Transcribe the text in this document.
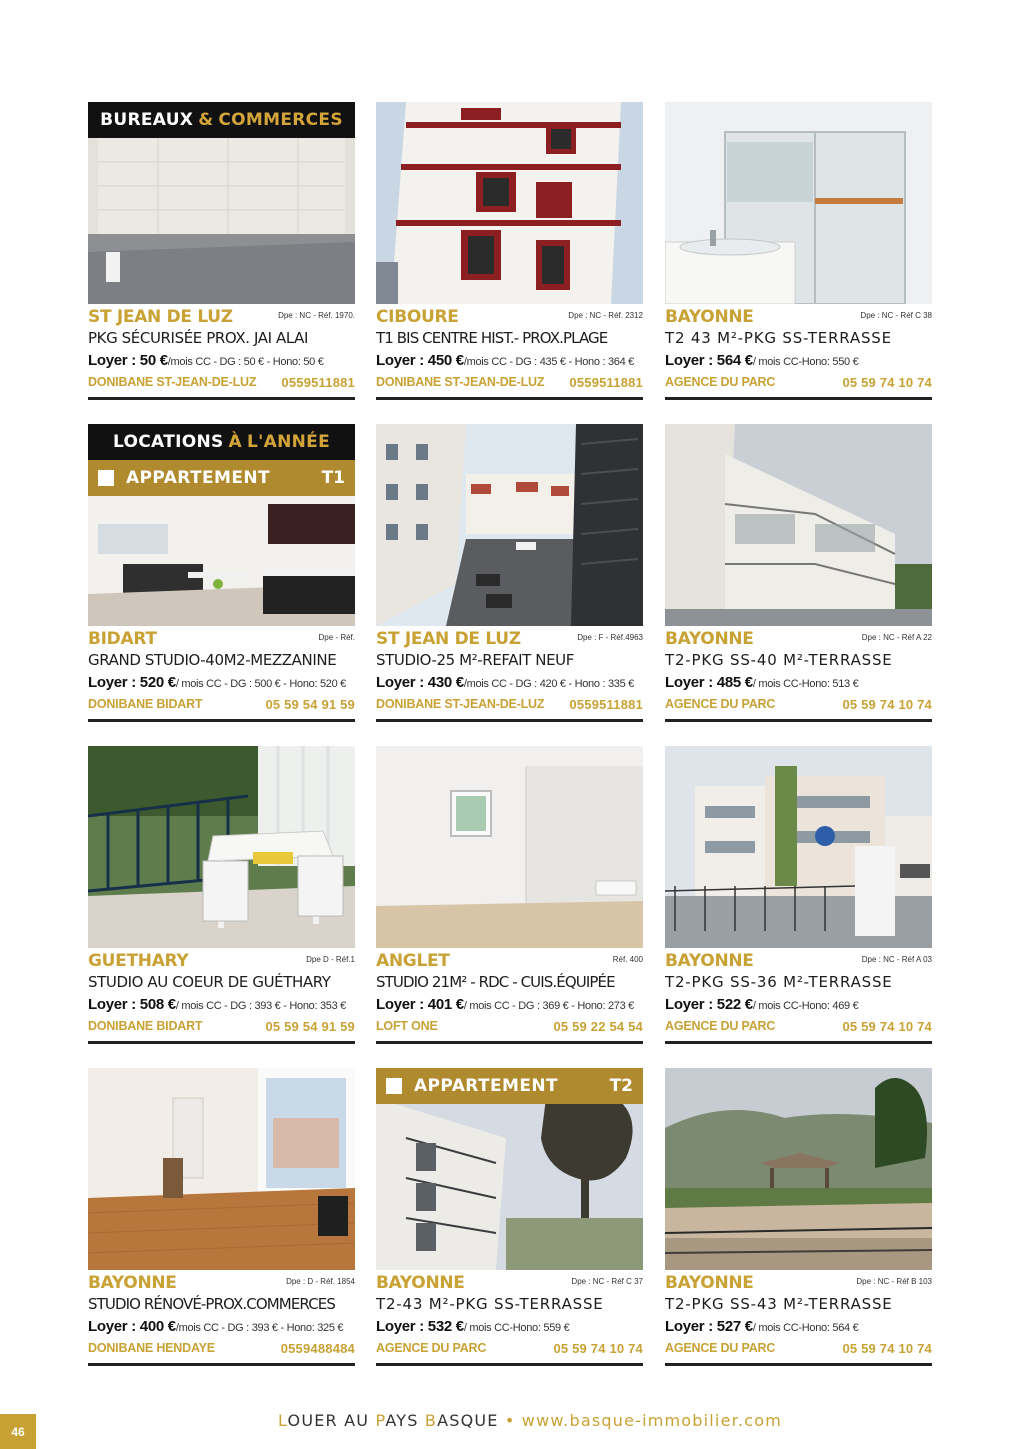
BUREAUX & COMMERCES
ST JEAN DE LUZ	Dpe : NC - Réf. 1970.
PKG SÉCURISÉE PROX. JAI ALAI
Loyer : 50 €/mois CC - DG : 50 € - Hono: 50 €
DONIBANE ST-JEAN-DE-LUZ 0559511881
CIBOURE	Dpe : NC - Réf. 2312
T1 BIS CENTRE HIST.- PROX.PLAGE
Loyer : 450 €/mois CC - DG : 435 € - Hono : 364 €
DONIBANE ST-JEAN-DE-LUZ 0559511881
BAYONNE	Dpe : NC - Réf C 38
T2 43 M²-PKG SS-TERRASSE
Loyer : 564 €/ mois CC-Hono: 550 €
AGENCE DU PARC	05 59 74 10 74
LOCATIONS À L'ANNÉE
APPARTEMENT	T1
BIDART	Dpe - Réf.
GRAND STUDIO-40M2-MEZZANINE
Loyer : 520 €/ mois CC - DG : 500 € - Hono: 520 €
DONIBANE BIDART	05 59 54 91 59
ST JEAN DE LUZ	Dpe : F - Réf.4963
STUDIO-25 M²-REFAIT NEUF
Loyer : 430 €/mois CC - DG : 420 € - Hono : 335 €
DONIBANE ST-JEAN-DE-LUZ 0559511881
BAYONNE	Dpe : NC - Réf A 22
T2-PKG SS-40 M²-TERRASSE
Loyer : 485 €/ mois CC-Hono: 513 €
AGENCE DU PARC	05 59 74 10 74
GUETHARY	Dpe D - Réf.1
STUDIO AU COEUR DE GUÉTHARY
Loyer : 508 €/ mois CC - DG : 393 € - Hono: 353 €
DONIBANE BIDART	05 59 54 91 59
ANGLET	Réf. 400
STUDIO 21M² - RDC - CUIS.ÉQUIPÉE
Loyer : 401 €/ mois CC - DG : 369 € - Hono: 273 €
LOFT ONE	05 59 22 54 54
BAYONNE	Dpe : NC - Réf A 03
T2-PKG SS-36 M²-TERRASSE
Loyer : 522 €/ mois CC-Hono: 469 €
AGENCE DU PARC	05 59 74 10 74
BAYONNE	Dpe : D - Réf. 1854
STUDIO RÉNOVÉ-PROX.COMMERCES
Loyer : 400 €/mois CC - DG : 393 € - Hono: 325 €
DONIBANE HENDAYE	0559488484
APPARTEMENT	T2
BAYONNE	Dpe : NC - Réf C 37
T2-43 M²-PKG SS-TERRASSE
Loyer : 532 €/ mois CC-Hono: 559 €
AGENCE DU PARC	05 59 74 10 74
BAYONNE	Dpe : NC - Réf B 103
T2-PKG SS-43 M²-TERRASSE
Loyer : 527 €/ mois CC-Hono: 564 €
AGENCE DU PARC	05 59 74 10 74
46
LOUER AU PAYS BASQUE • www.basque-immobilier.com
